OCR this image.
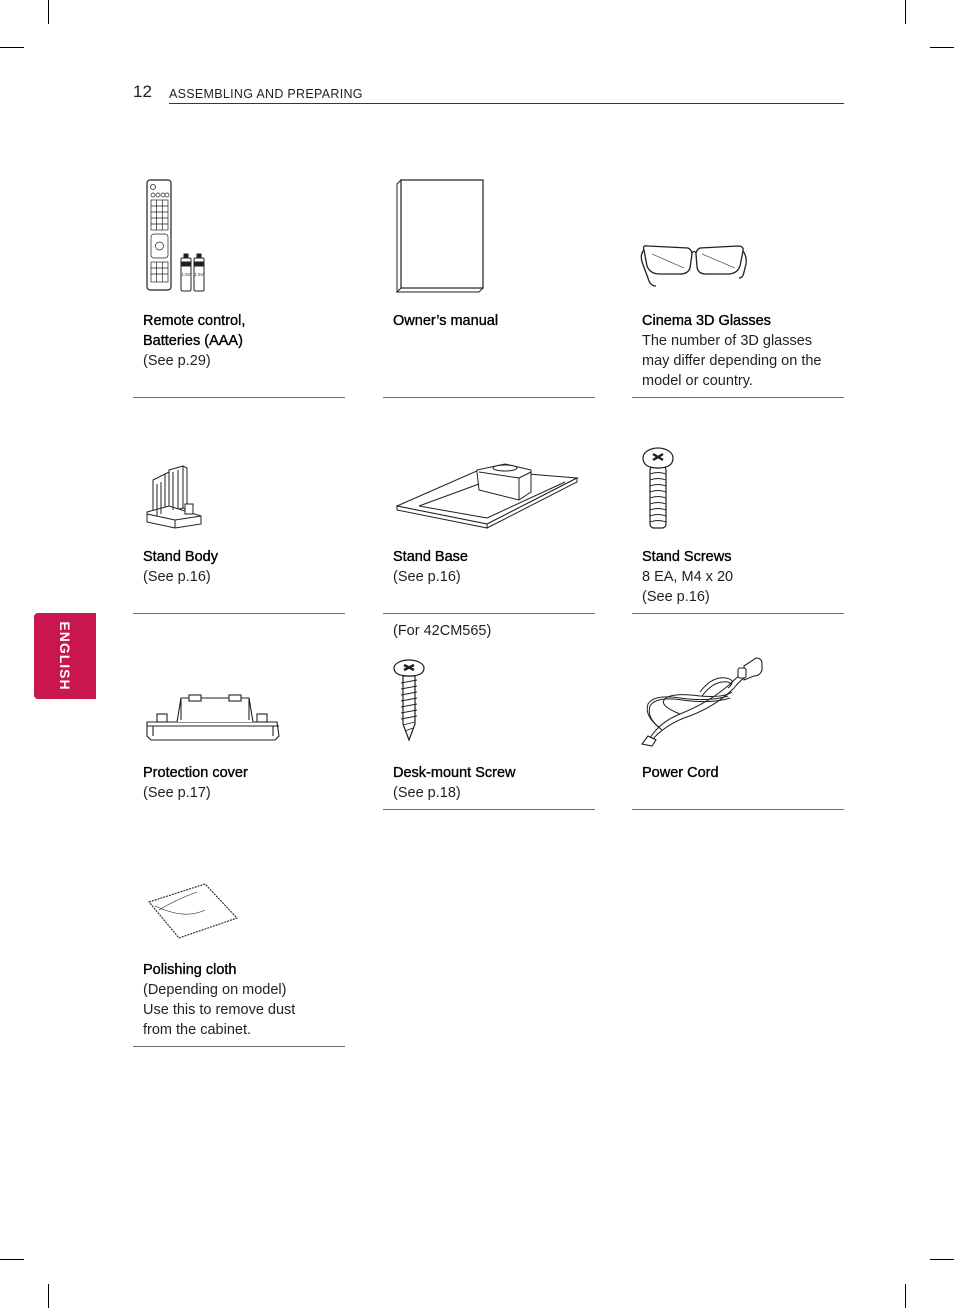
12 ASSEMBLING AND PREPARING
ENGLISH
1.5V 1.5V
Remote control,
Batteries (AAA)
(See p.29)
Owner’s manual	Cinema 3D Glasses
The number of 3D glasses
may differ depending on the
model or country.
Stand Body
(See p.16)
Stand Base
(See p.16)
Stand Screws
8 EA, M4 x 20
(See p.16)
Protection cover
(See p.17)
(For 42CM565)
Desk-mount Screw
(See p.18)
Power Cord
Polishing cloth
(Depending on model)
Use this to remove dust
from the cabinet.
